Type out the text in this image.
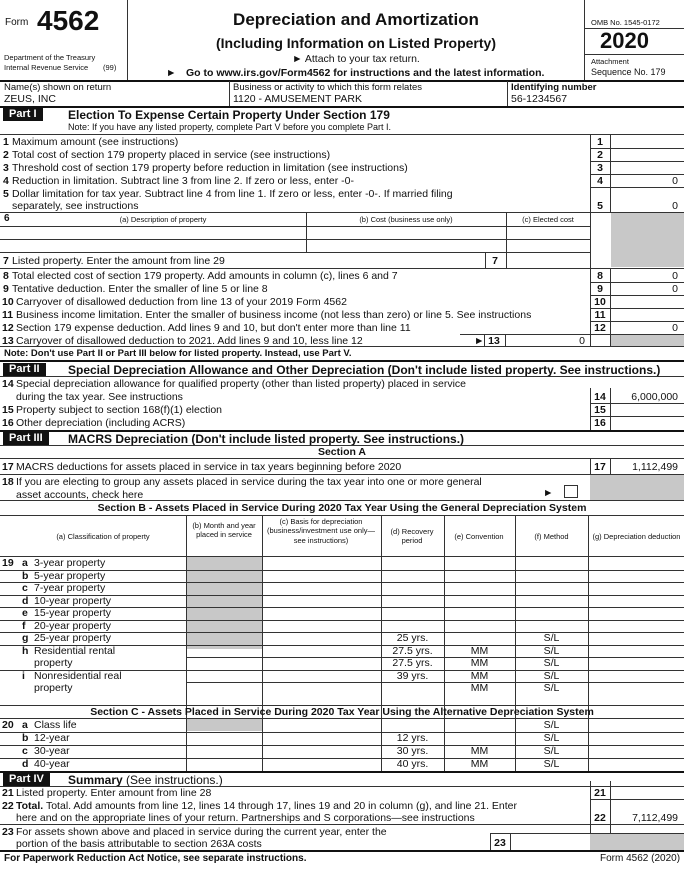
Form 4562
Department of the Treasury
Internal Revenue Service (99)
Depreciation and Amortization
(Including Information on Listed Property)
► Attach to your tax return.
► Go to www.irs.gov/Form4562 for instructions and the latest information.
OMB No. 1545-0172
2020
Attachment
Sequence No. 179
Name(s) shown on return
ZEUS, INC
Business or activity to which this form relates
1120 - AMUSEMENT PARK
Identifying number
56-1234567
Part I	Election To Expense Certain Property Under Section 179
Note: If you have any listed property, complete Part V before you complete Part I.
1 Maximum amount (see instructions)	1
2 Total cost of section 179 property placed in service (see instructions)	2
3 Threshold cost of section 179 property before reduction in limitation (see instructions)	3
4 Reduction in limitation. Subtract line 3 from line 2. If zero or less, enter -0-	4	0
5 Dollar limitation for tax year. Subtract line 4 from line 1. If zero or less, enter -0-. If married filing
separately, see instructions	5	0
6	(a) Description of property	(b) Cost (business use only)	(c) Elected cost
7 Listed property. Enter the amount from line 29	7
8 Total elected cost of section 179 property. Add amounts in column (c), lines 6 and 7	8	0
9 Tentative deduction. Enter the smaller of line 5 or line 8	9	0
10 Carryover of disallowed deduction from line 13 of your 2019 Form 4562	10
11 Business income limitation. Enter the smaller of business income (not less than zero) or line 5. See instructions	11
12 Section 179 expense deduction. Add lines 9 and 10, but don't enter more than line 11	12	0
13 Carryover of disallowed deduction to 2021. Add lines 9 and 10, less line 12	► 13	0
Note: Don't use Part II or Part III below for listed property. Instead, use Part V.
Part II	Special Depreciation Allowance and Other Depreciation (Don't include listed property. See instructions.)
14 Special depreciation allowance for qualified property (other than listed property) placed in service
during the tax year. See instructions	14	6,000,000
15 Property subject to section 168(f)(1) election	15
16 Other depreciation (including ACRS)	16
Part III	MACRS Depreciation (Don't include listed property. See instructions.)
Section A
17 MACRS deductions for assets placed in service in tax years beginning before 2020	17	1,112,499
18 If you are electing to group any assets placed in service during the tax year into one or more general
asset accounts, check here	►
Section B - Assets Placed in Service During 2020 Tax Year Using the General Depreciation System
(a) Classification of property
(b) Month and year placed in service
(c) Basis for depreciation (business/investment use only—see instructions)
(d) Recovery period	(e) Convention	(f) Method	(g) Depreciation deduction
19 a 3-year property
b 5-year property
c 7-year property
d 10-year property
e 15-year property
f 20-year property
g 25-year property	25 yrs.	S/L
h Residential rental	27.5 yrs.	MM	S/L
property	27.5 yrs.	MM	S/L
i Nonresidential real	39 yrs.	MM	S/L
property	MM	S/L
Section C - Assets Placed in Service During 2020 Tax Year Using the Alternative Depreciation System
20 a Class life	S/L
b 12-year	12 yrs.	S/L
c 30-year	30 yrs.	MM	S/L
d 40-year	40 yrs.	MM	S/L
Part IV	Summary (See instructions.)
21 Listed property. Enter amount from line 28	21
22 Total. Total. Add amounts from line 12, lines 14 through 17, lines 19 and 20 in column (g), and line 21. Enter
here and on the appropriate lines of your return. Partnerships and S corporations—see instructions	22	7,112,499
23 For assets shown above and placed in service during the current year, enter the
portion of the basis attributable to section 263A costs	23
For Paperwork Reduction Act Notice, see separate instructions.	Form 4562 (2020)
